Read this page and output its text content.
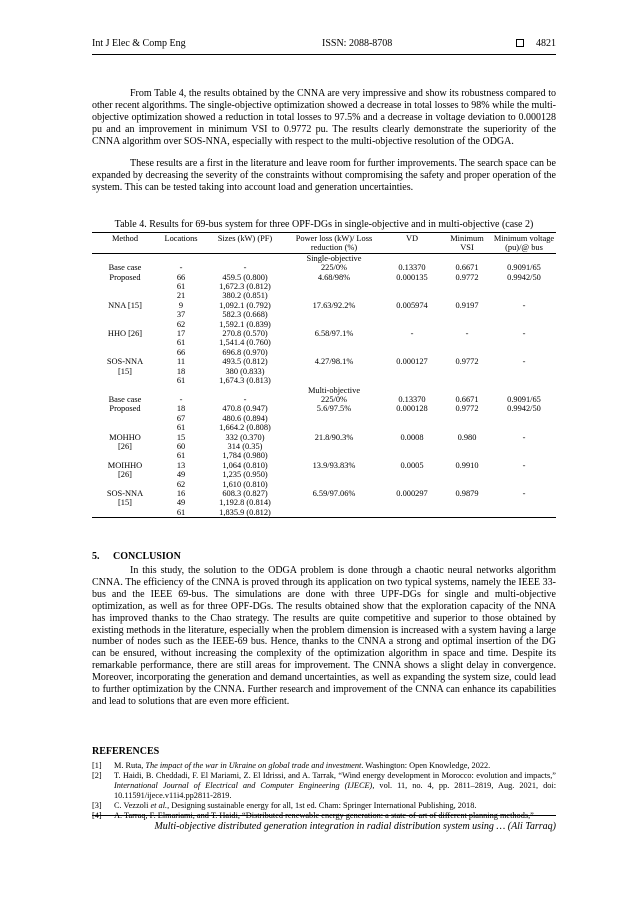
Int J Elec & Comp Eng	ISSN: 2088-8708	4821

From Table 4, the results obtained by the CNNA are very impressive and show its robustness compared to other recent algorithms. The single-objective optimization showed a decrease in total losses to 98% while the multi-objective optimization showed a reduction in total losses to 97.5% and a decrease in voltage deviation to 0.000128 pu and an improvement in minimum VSI to 0.9772 pu. The results clearly demonstrate the superiority of the CNNA algorithm over SOS-NNA, especially with respect to the multi-objective resolution of the ODGA.

These results are a first in the literature and leave room for further improvements. The search space can be expanded by decreasing the severity of the constraints without compromising the safety and proper operation of the system. This can be tested taking into account load and generation uncertainties.

Table 4. Results for 69-bus system for three OPF-DGs in single-objective and in multi-objective (case 2)
Method	Locations	Sizes (kW) (PF)	Power loss (kW)/ Loss reduction (%)	VD	Minimum VSI	Minimum voltage (pu)/@ bus
			Single-objective			
Base case	-	-	225/0%	0.13370	0.6671	0.9091/65
Proposed	66	459.5 (0.800)	4.68/98%	0.000135	0.9772	0.9942/50
	61	1,672.3 (0.812)				
	21	380.2 (0.851)				
NNA [15]	9	1,092.1 (0.792)	17.63/92.2%	0.005974	0.9197	-
	37	582.3 (0.668)				
	62	1,592.1 (0.839)				
HHO [26]	17	270.8 (0.570)	6.58/97.1%	-	-	-
	61	1,541.4 (0.760)				
	66	696.8 (0.970)				
SOS-NNA	11	493.5 (0.812)	4.27/98.1%	0.000127	0.9772	-
[15]	18	380 (0.833)				
	61	1,674.3 (0.813)				
			Multi-objective			
Base case	-	-	225/0%	0.13370	0.6671	0.9091/65
Proposed	18	470.8 (0.947)	5.6/97.5%	0.000128	0.9772	0.9942/50
	67	480.6 (0.894)				
	61	1,664.2 (0.808)				
MOHHO	15	332 (0.370)	21.8/90.3%	0.0008	0.980	-
[26]	60	314 (0.35)				
	61	1,784 (0.980)				
MOIHHO	13	1,064 (0.810)	13.9/93.83%	0.0005	0.9910	-
[26]	49	1,235 (0.950)				
	62	1,610 (0.810)				
SOS-NNA	16	608.3 (0.827)	6.59/97.06%	0.000297	0.9879	-
[15]	49	1,192.8 (0.814)				
	61	1,835.9 (0.812)				
5. CONCLUSION

In this study, the solution to the ODGA problem is done through a chaotic neural networks algorithm CNNA. The efficiency of the CNNA is proved through its application on two typical systems, namely the IEEE 33-bus and the IEEE 69-bus. The simulations are done with three UPF-DGs for single and multi-objective optimization, as well as for three OPF-DGs. The results obtained show that the exploration capacity of the NNA has improved thanks to the Chao strategy. The results are quite competitive and superior to those obtained by existing methods in the literature, especially when the problem dimension is increased with a system having a large number of nodes such as the IEEE-69 bus. Hence, thanks to the CNNA a strong and optimal insertion of the DG can be ensured, without increasing the complexity of the optimization algorithm in space and time. Despite its remarkable performance, there are still areas for improvement. The CNNA shows a slight delay in convergence. Moreover, incorporating the generation and demand uncertainties, as well as expanding the system size, could lead to further optimization by the CNNA. Further research and improvement of the CNNA can enhance its capabilities and lead to solutions that are even more efficient.

REFERENCES
[1] M. Ruta, The impact of the war in Ukraine on global trade and investment. Washington: Open Knowledge, 2022.
[2] T. Haidi, B. Cheddadi, F. El Mariami, Z. El Idrissi, and A. Tarrak, “Wind energy development in Morocco: evolution and impacts,” International Journal of Electrical and Computer Engineering (IJECE), vol. 11, no. 4, pp. 2811–2819, Aug. 2021, doi: 10.11591/ijece.v11i4.pp2811-2819.
[3] C. Vezzoli et al., Designing sustainable energy for all, 1st ed. Cham: Springer International Publishing, 2018.
[4] A. Tarraq, F. Elmariami, and T. Haidi, “Distributed renewable energy generation: a state-of-art of different planning methods,”
Multi-objective distributed generation integration in radial distribution system using … (Ali Tarraq)
